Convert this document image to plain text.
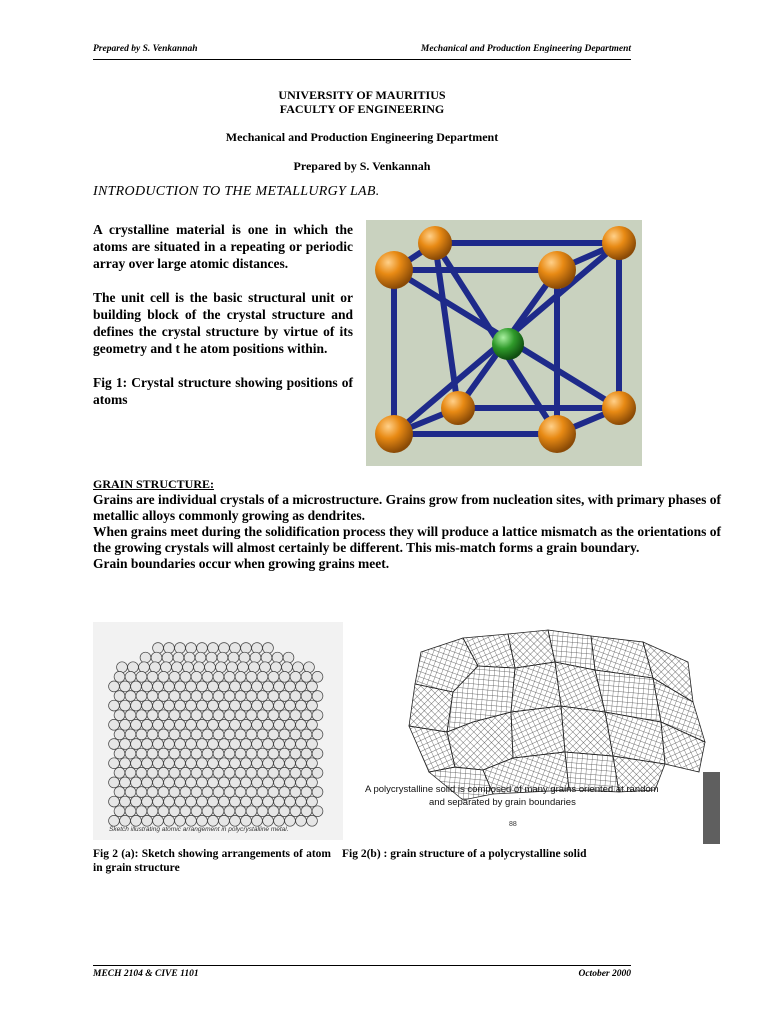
Prepared by S. Venkannah	Mechanical and Production Engineering Department
UNIVERSITY OF MAURITIUS
FACULTY OF ENGINEERING
Mechanical and Production Engineering Department
Prepared by S. Venkannah
INTRODUCTION TO THE METALLURGY LAB.

A crystalline material is one in which the atoms are situated in a repeating or periodic array over large atomic distances.

The unit cell is the basic structural unit or building block of the crystal structure and defines the crystal structure by virtue of its geometry and t he atom positions within.

Fig 1: Crystal structure showing positions of atoms

GRAIN STRUCTURE:
Grains are individual crystals of a microstructure. Grains grow from nucleation sites, with primary phases of metallic alloys commonly growing as dendrites.
When grains meet during the solidification process they will produce a lattice mismatch as the orientations of the growing crystals will almost certainly be different. This mis-match forms a grain boundary.
Grain boundaries occur when growing grains meet.
Sketch illustrating atomic arrangement in polycrystalline metal.
A polycrystalline solid is composed of many grains oriented at random
and separated by grain boundaries
88
Fig 2 (a): Sketch showing arrangements of atom in grain structure
Fig 2(b) : grain structure of a polycrystalline solid
MECH 2104 & CIVE 1101	October 2000
